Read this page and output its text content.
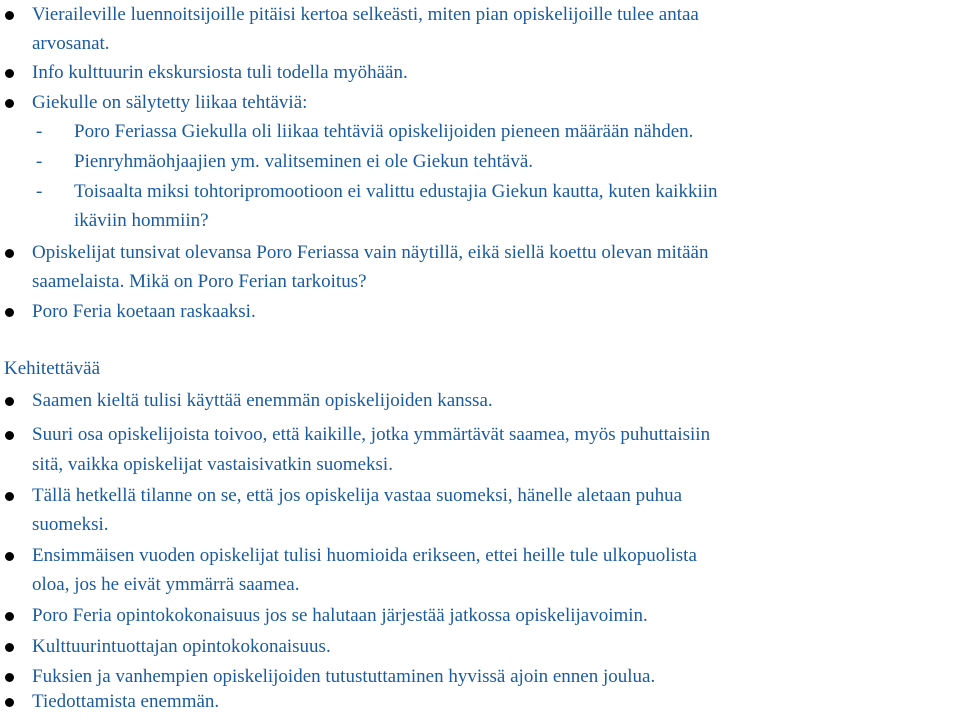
Vieraileville luennoitsijoille pitäisi kertoa selkeästi, miten pian opiskelijoille tulee antaa
arvosanat.
Info kulttuurin ekskursiosta tuli todella myöhään.
Giekulle on sälytetty liikaa tehtäviä:
- Poro Feriassa Giekulla oli liikaa tehtäviä opiskelijoiden pieneen määrään nähden.
- Pienryhmäohjaajien ym. valitseminen ei ole Giekun tehtävä.
- Toisaalta miksi tohtoripromootioon ei valittu edustajia Giekun kautta, kuten kaikkiin
ikäviin hommiin?
Opiskelijat tunsivat olevansa Poro Feriassa vain näytillä, eikä siellä koettu olevan mitään
saamelaista. Mikä on Poro Ferian tarkoitus?
Poro Feria koetaan raskaaksi.
Kehitettävää
Saamen kieltä tulisi käyttää enemmän opiskelijoiden kanssa.
Suuri osa opiskelijoista toivoo, että kaikille, jotka ymmärtävät saamea, myös puhuttaisiin
sitä, vaikka opiskelijat vastaisivatkin suomeksi.
Tällä hetkellä tilanne on se, että jos opiskelija vastaa suomeksi, hänelle aletaan puhua
suomeksi.
Ensimmäisen vuoden opiskelijat tulisi huomioida erikseen, ettei heille tule ulkopuolista
oloa, jos he eivät ymmärrä saamea.
Poro Feria opintokokonaisuus jos se halutaan järjestää jatkossa opiskelijavoimin.
Kulttuurintuottajan opintokokonaisuus.
Fuksien ja vanhempien opiskelijoiden tutustuttaminen hyvissä ajoin ennen joulua.
Tiedottamista enemmän.
